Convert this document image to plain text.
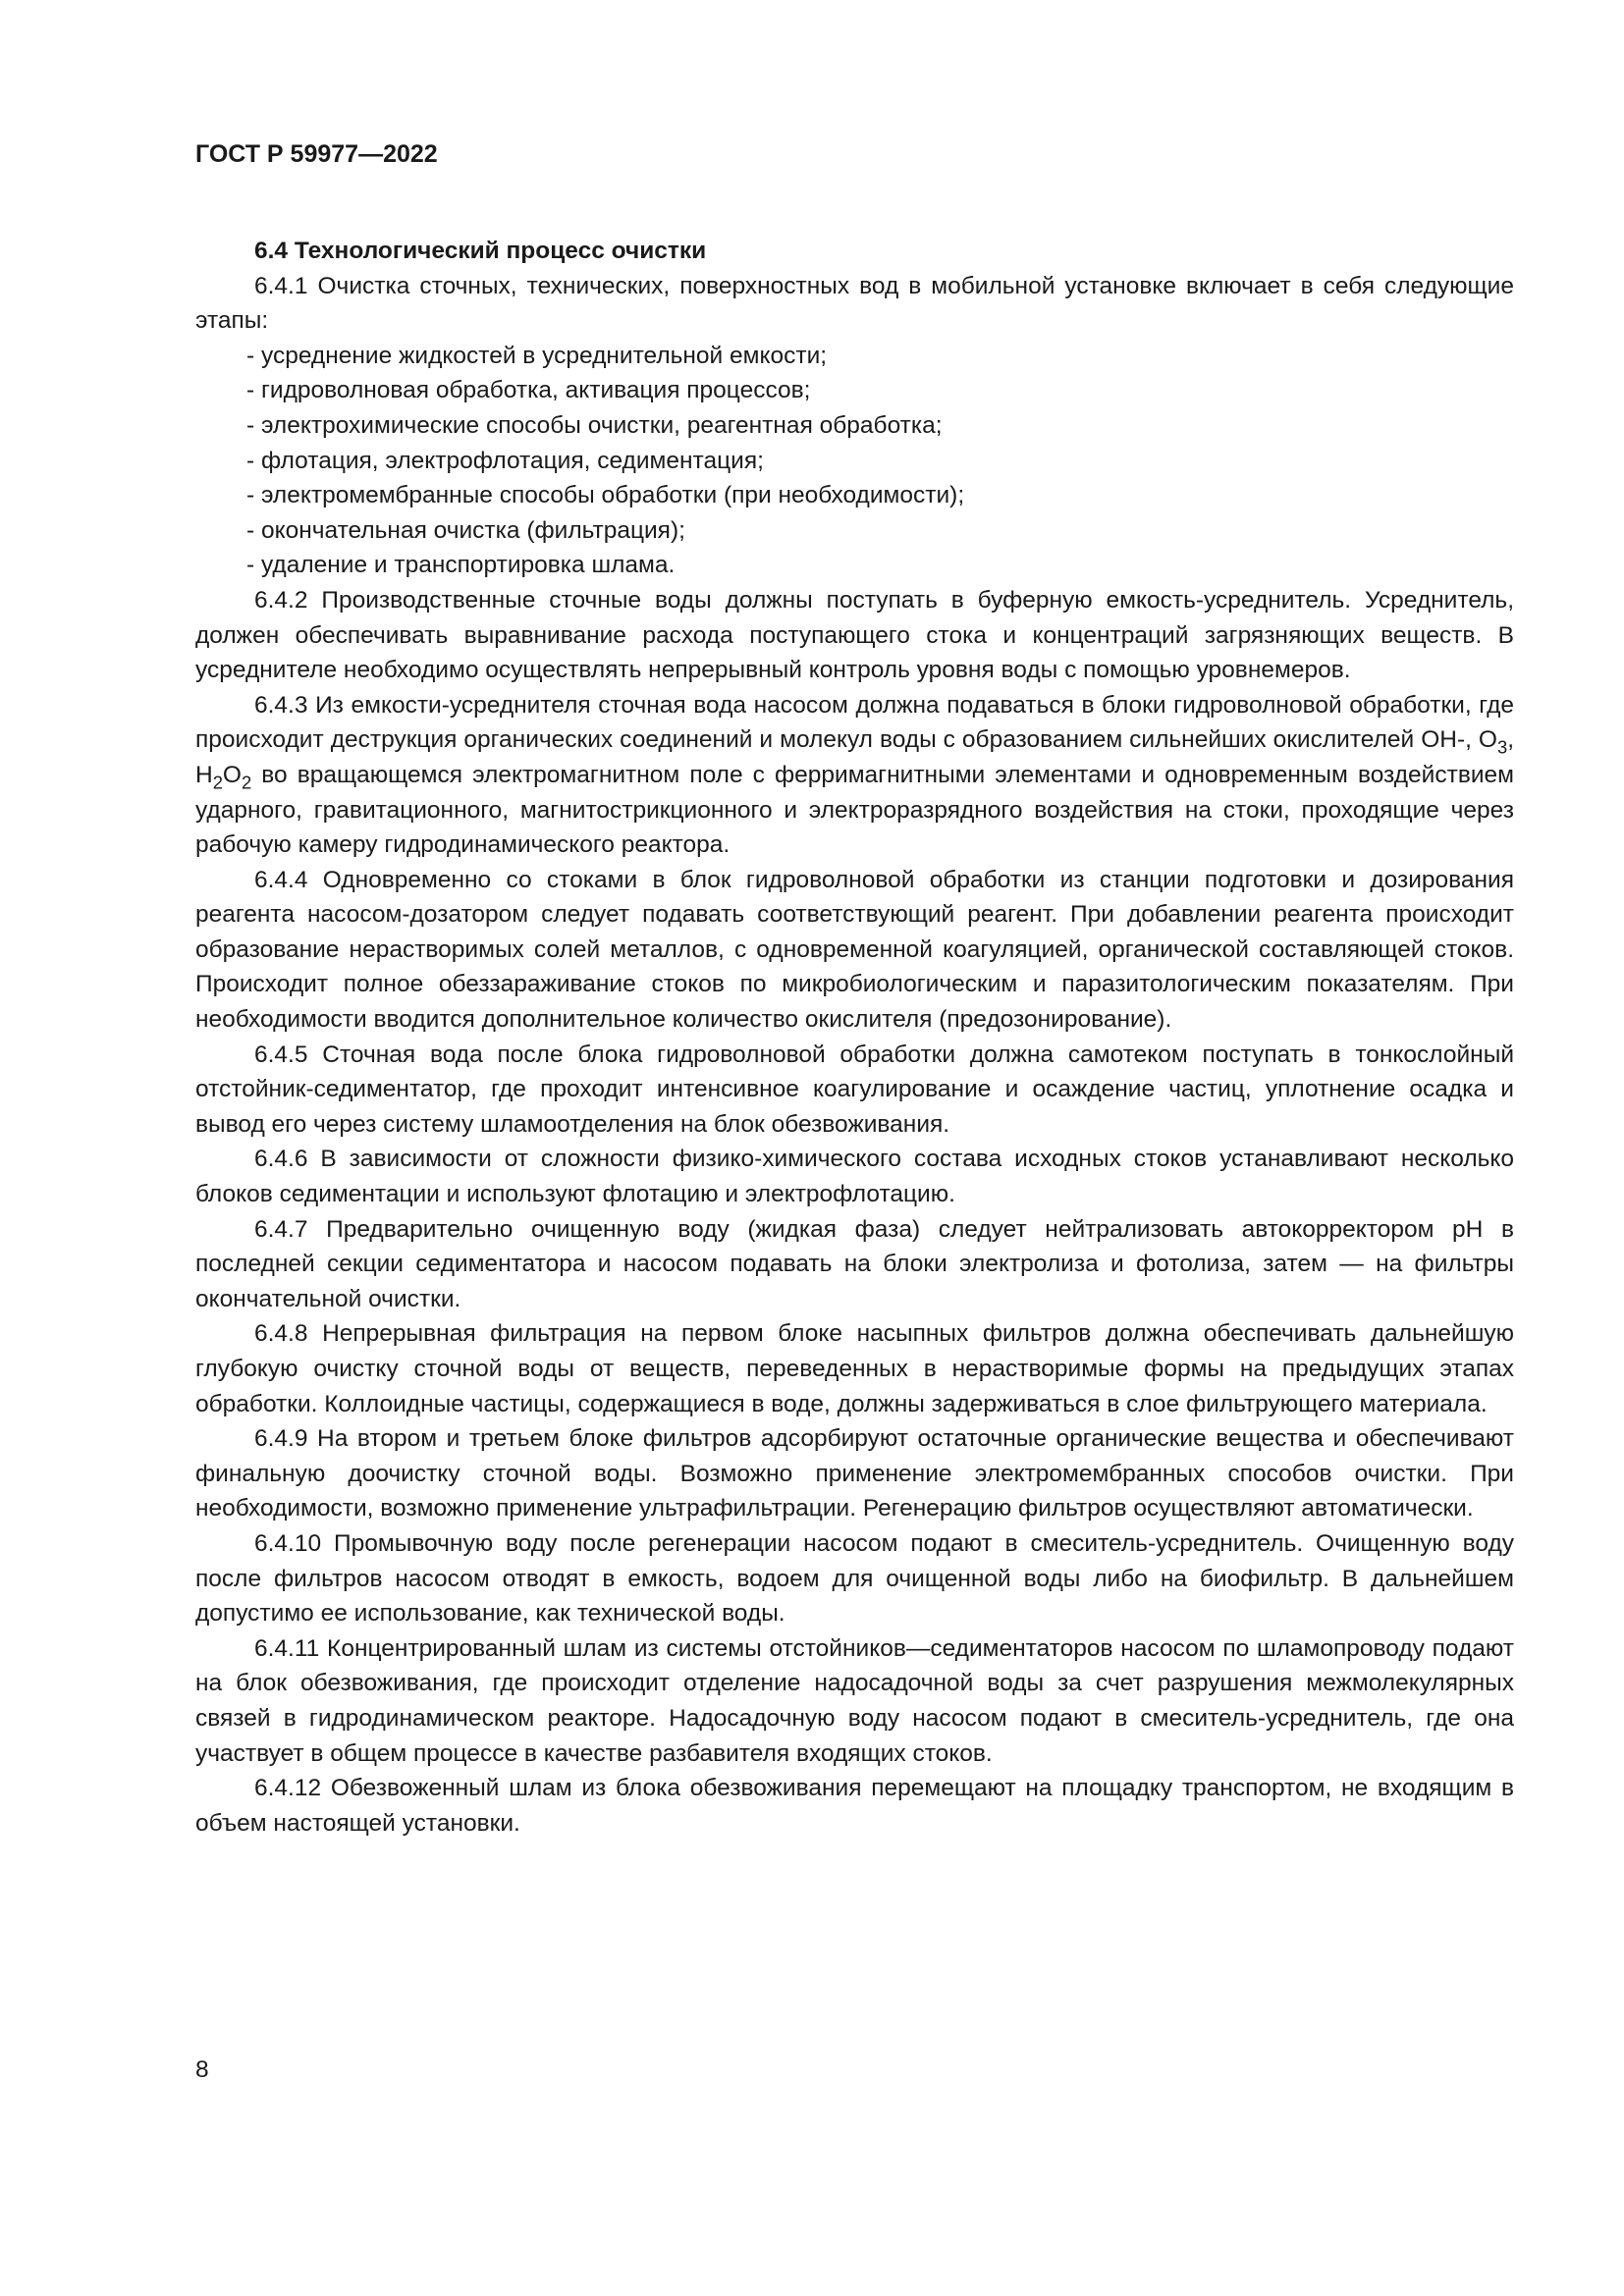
ГОСТ Р 59977—2022
6.4 Технологический процесс очистки

6.4.1 Очистка сточных, технических, поверхностных вод в мобильной установке включает в себя следующие этапы:

- усреднение жидкостей в усреднительной емкости;
- гидроволновая обработка, активация процессов;
- электрохимические способы очистки, реагентная обработка;
- флотация, электрофлотация, седиментация;
- электромембранные способы обработки (при необходимости);
- окончательная очистка (фильтрация);
- удаление и транспортировка шлама.

6.4.2 Производственные сточные воды должны поступать в буферную емкость-усреднитель. Усреднитель, должен обеспечивать выравнивание расхода поступающего стока и концентраций загрязняющих веществ. В усреднителе необходимо осуществлять непрерывный контроль уровня воды с помощью уровнемеров.

6.4.3 Из емкости-усреднителя сточная вода насосом должна подаваться в блоки гидроволновой обработки, где происходит деструкция органических соединений и молекул воды с образованием сильнейших окислителей ОН-, $О_3$, $Н_2О_2$ во вращающемся электромагнитном поле с ферримагнитными элементами и одновременным воздействием ударного, гравитационного, магнитострикционного и электроразрядного воздействия на стоки, проходящие через рабочую камеру гидродинамического реактора.

6.4.4 Одновременно со стоками в блок гидроволновой обработки из станции подготовки и дозирования реагента насосом-дозатором следует подавать соответствующий реагент. При добавлении реагента происходит образование нерастворимых солей металлов, с одновременной коагуляцией, органической составляющей стоков. Происходит полное обеззараживание стоков по микробиологическим и паразитологическим показателям. При необходимости вводится дополнительное количество окислителя (предозонирование).

6.4.5 Сточная вода после блока гидроволновой обработки должна самотеком поступать в тонкослойный отстойник-седиментатор, где проходит интенсивное коагулирование и осаждение частиц, уплотнение осадка и вывод его через систему шламоотделения на блок обезвоживания.

6.4.6 В зависимости от сложности физико-химического состава исходных стоков устанавливают несколько блоков седиментации и используют флотацию и электрофлотацию.

6.4.7 Предварительно очищенную воду (жидкая фаза) следует нейтрализовать автокорректором pH в последней секции седиментатора и насосом подавать на блоки электролиза и фотолиза, затем — на фильтры окончательной очистки.

6.4.8 Непрерывная фильтрация на первом блоке насыпных фильтров должна обеспечивать дальнейшую глубокую очистку сточной воды от веществ, переведенных в нерастворимые формы на предыдущих этапах обработки. Коллоидные частицы, содержащиеся в воде, должны задерживаться в слое фильтрующего материала.

6.4.9 На втором и третьем блоке фильтров адсорбируют остаточные органические вещества и обеспечивают финальную доочистку сточной воды. Возможно применение электромембранных способов очистки. При необходимости, возможно применение ультрафильтрации. Регенерацию фильтров осуществляют автоматически.

6.4.10 Промывочную воду после регенерации насосом подают в смеситель-усреднитель. Очищенную воду после фильтров насосом отводят в емкость, водоем для очищенной воды либо на биофильтр. В дальнейшем допустимо ее использование, как технической воды.

6.4.11 Концентрированный шлам из системы отстойников—седиментаторов насосом по шламопроводу подают на блок обезвоживания, где происходит отделение надосадочной воды за счет разрушения межмолекулярных связей в гидродинамическом реакторе. Надосадочную воду насосом подают в смеситель-усреднитель, где она участвует в общем процессе в качестве разбавителя входящих стоков.

6.4.12 Обезвоженный шлам из блока обезвоживания перемещают на площадку транспортом, не входящим в объем настоящей установки.

8
